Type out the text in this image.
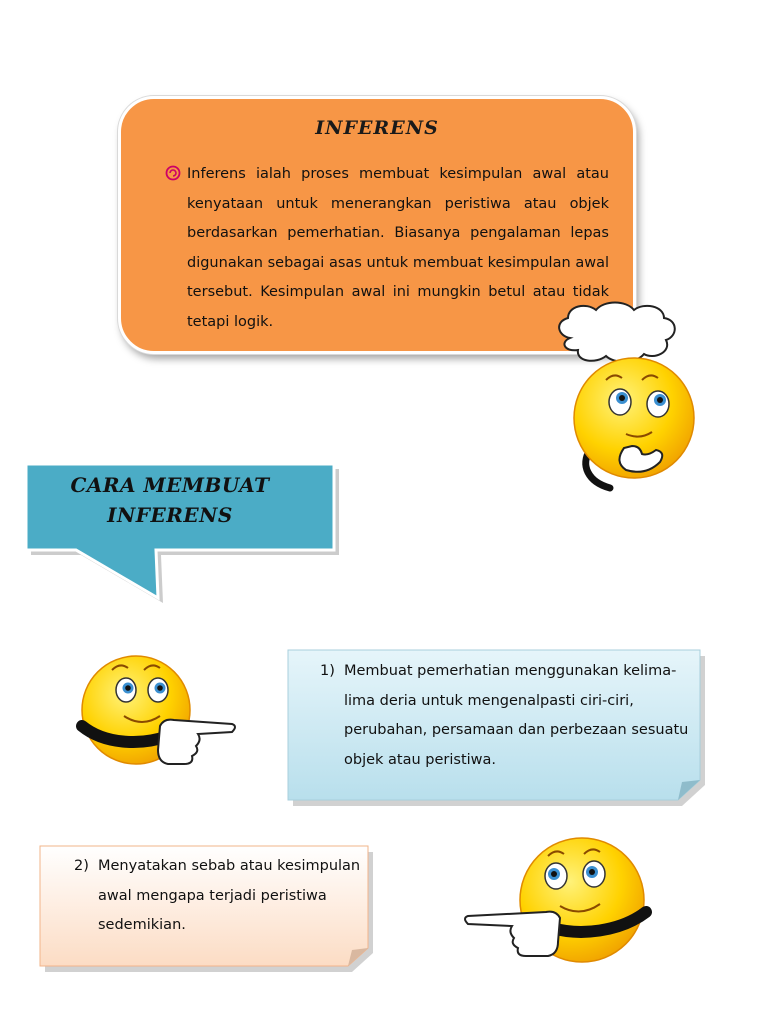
INFERENS
Inferens ialah proses membuat kesimpulan awal atau kenyataan untuk menerangkan peristiwa atau objek berdasarkan pemerhatian. Biasanya pengalaman lepas digunakan sebagai asas untuk membuat kesimpulan awal tersebut. Kesimpulan awal ini mungkin betul atau tidak tetapi logik.
CARA MEMBUAT
INFERENS
1) Membuat pemerhatian menggunakan kelima-lima deria untuk mengenalpasti ciri-ciri, perubahan, persamaan dan perbezaan sesuatu objek atau peristiwa.
2) Menyatakan sebab atau kesimpulan awal mengapa terjadi peristiwa sedemikian.
